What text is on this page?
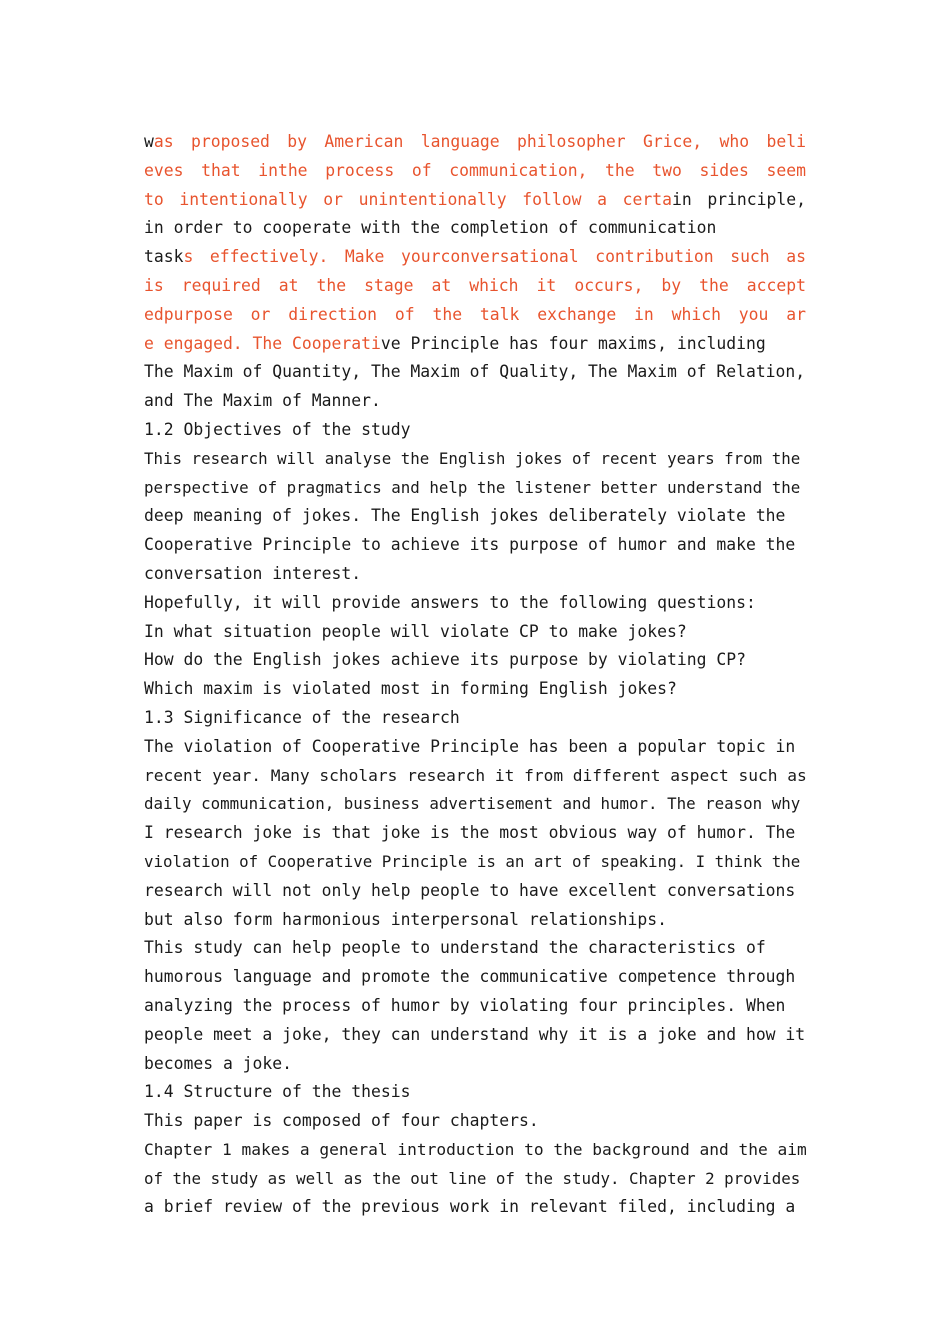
was proposed by American language philosopher Grice, who beli
eves that inthe process of communication, the two sides seem
to intentionally or unintentionally follow a certain principle,
in order to cooperate with the completion of communication
tasks effectively. Make yourconversational contribution such as
is required at the stage at which it occurs, by the accept
edpurpose or direction of the talk exchange in which you ar
e engaged. The Cooperative Principle has four maxims, including
The Maxim of Quantity, The Maxim of Quality, The Maxim of Relation,
and The Maxim of Manner.
1.2 Objectives of the study
This research will analyse the English jokes of recent years from the
perspective of pragmatics and help the listener better understand the
deep meaning of jokes. The English jokes deliberately violate the
Cooperative Principle to achieve its purpose of humor and make the
conversation interest.
Hopefully, it will provide answers to the following questions:
In what situation people will violate CP to make jokes?
How do the English jokes achieve its purpose by violating CP?
Which maxim is violated most in forming English jokes?
1.3 Significance of the research
The violation of Cooperative Principle has been a popular topic in
recent year. Many scholars research it from different aspect such as
daily communication, business advertisement and humor. The reason why
I research joke is that joke is the most obvious way of humor. The
violation of Cooperative Principle is an art of speaking. I think the
research will not only help people to have excellent conversations
but also form harmonious interpersonal relationships.
This study can help people to understand the characteristics of
humorous language and promote the communicative competence through
analyzing the process of humor by violating four principles. When
people meet a joke, they can understand why it is a joke and how it
becomes a joke.
1.4 Structure of the thesis
This paper is composed of four chapters.
Chapter 1 makes a general introduction to the background and the aim
of the study as well as the out line of the study. Chapter 2 provides
a brief review of the previous work in relevant filed, including a
